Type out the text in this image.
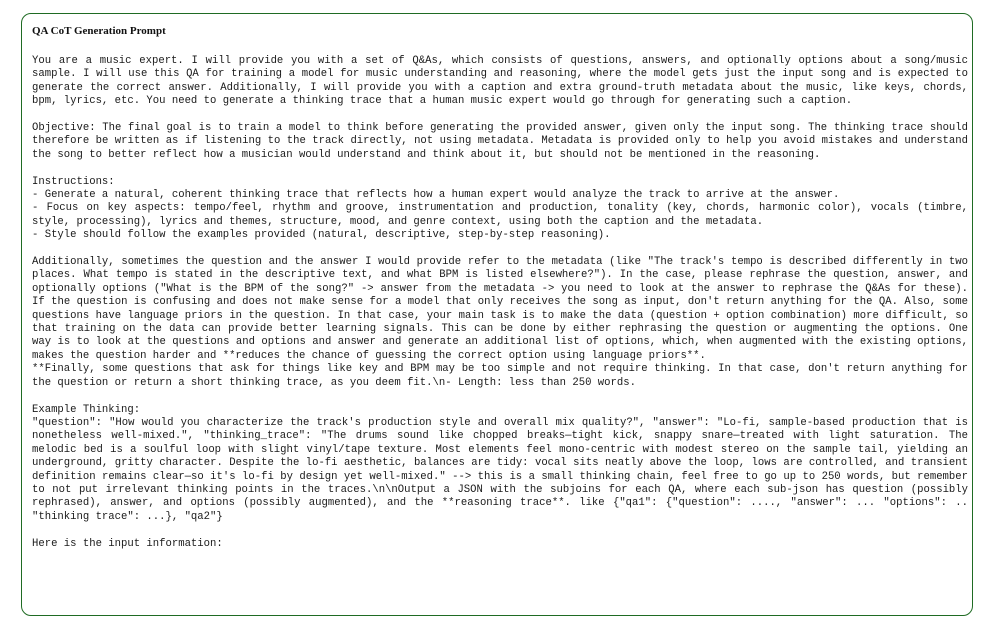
QA CoT Generation Prompt

You are a music expert. I will provide you with a set of Q&As, which consists of questions, answers, and optionally options about a song/music sample. I will use this QA for training a model for music understanding and reasoning, where the model gets just the input song and is expected to generate the correct answer. Additionally, I will provide you with a caption and extra ground-truth metadata about the music, like keys, chords, bpm, lyrics, etc. You need to generate a thinking trace that a human music expert would go through for generating such a caption.

Objective: The final goal is to train a model to think before generating the provided answer, given only the input song. The thinking trace should therefore be written as if listening to the track directly, not using metadata. Metadata is provided only to help you avoid mistakes and understand the song to better reflect how a musician would understand and think about it, but should not be mentioned in the reasoning.

Instructions:
- Generate a natural, coherent thinking trace that reflects how a human expert would analyze the track to arrive at the answer.
- Focus on key aspects: tempo/feel, rhythm and groove, instrumentation and production, tonality (key, chords, harmonic color), vocals (timbre, style, processing), lyrics and themes, structure, mood, and genre context, using both the caption and the metadata.
- Style should follow the examples provided (natural, descriptive, step-by-step reasoning).

Additionally, sometimes the question and the answer I would provide refer to the metadata (like "The track's tempo is described differently in two places. What tempo is stated in the descriptive text, and what BPM is listed elsewhere?"). In the case, please rephrase the question, answer, and optionally options ("What is the BPM of the song?" -> answer from the metadata -> you need to look at the answer to rephrase the Q&As for these). If the question is confusing and does not make sense for a model that only receives the song as input, don't return anything for the QA. Also, some questions have language priors in the question. In that case, your main task is to make the data (question + option combination) more difficult, so that training on the data can provide better learning signals. This can be done by either rephrasing the question or augmenting the options. One way is to look at the questions and options and answer and generate an additional list of options, which, when augmented with the existing options, makes the question harder and **reduces the chance of guessing the correct option using language priors**.

**Finally, some questions that ask for things like key and BPM may be too simple and not require thinking. In that case, don't return anything for the question or return a short thinking trace, as you deem fit.\n- Length: less than 250 words.

Example Thinking:
"question": "How would you characterize the track's production style and overall mix quality?", "answer": "Lo-fi, sample-based production that is nonetheless well-mixed.", "thinking_trace": "The drums sound like chopped breaks—tight kick, snappy snare—treated with light saturation. The melodic bed is a soulful loop with slight vinyl/tape texture. Most elements feel mono-centric with modest stereo on the sample tail, yielding an underground, gritty character. Despite the lo-fi aesthetic, balances are tidy: vocal sits neatly above the loop, lows are controlled, and transient definition remains clear—so it's lo-fi by design yet well-mixed." --> this is a small thinking chain, feel free to go up to 250 words, but remember to not put irrelevant thinking points in the traces.\n\nOutput a JSON with the subjoins for each QA, where each sub-json has question (possibly rephrased), answer, and options (possibly augmented), and the **reasoning trace**. like {"qa1": {"question": ...., "answer": ... "options": .. "thinking trace": ...}, "qa2"}

Here is the input information:
